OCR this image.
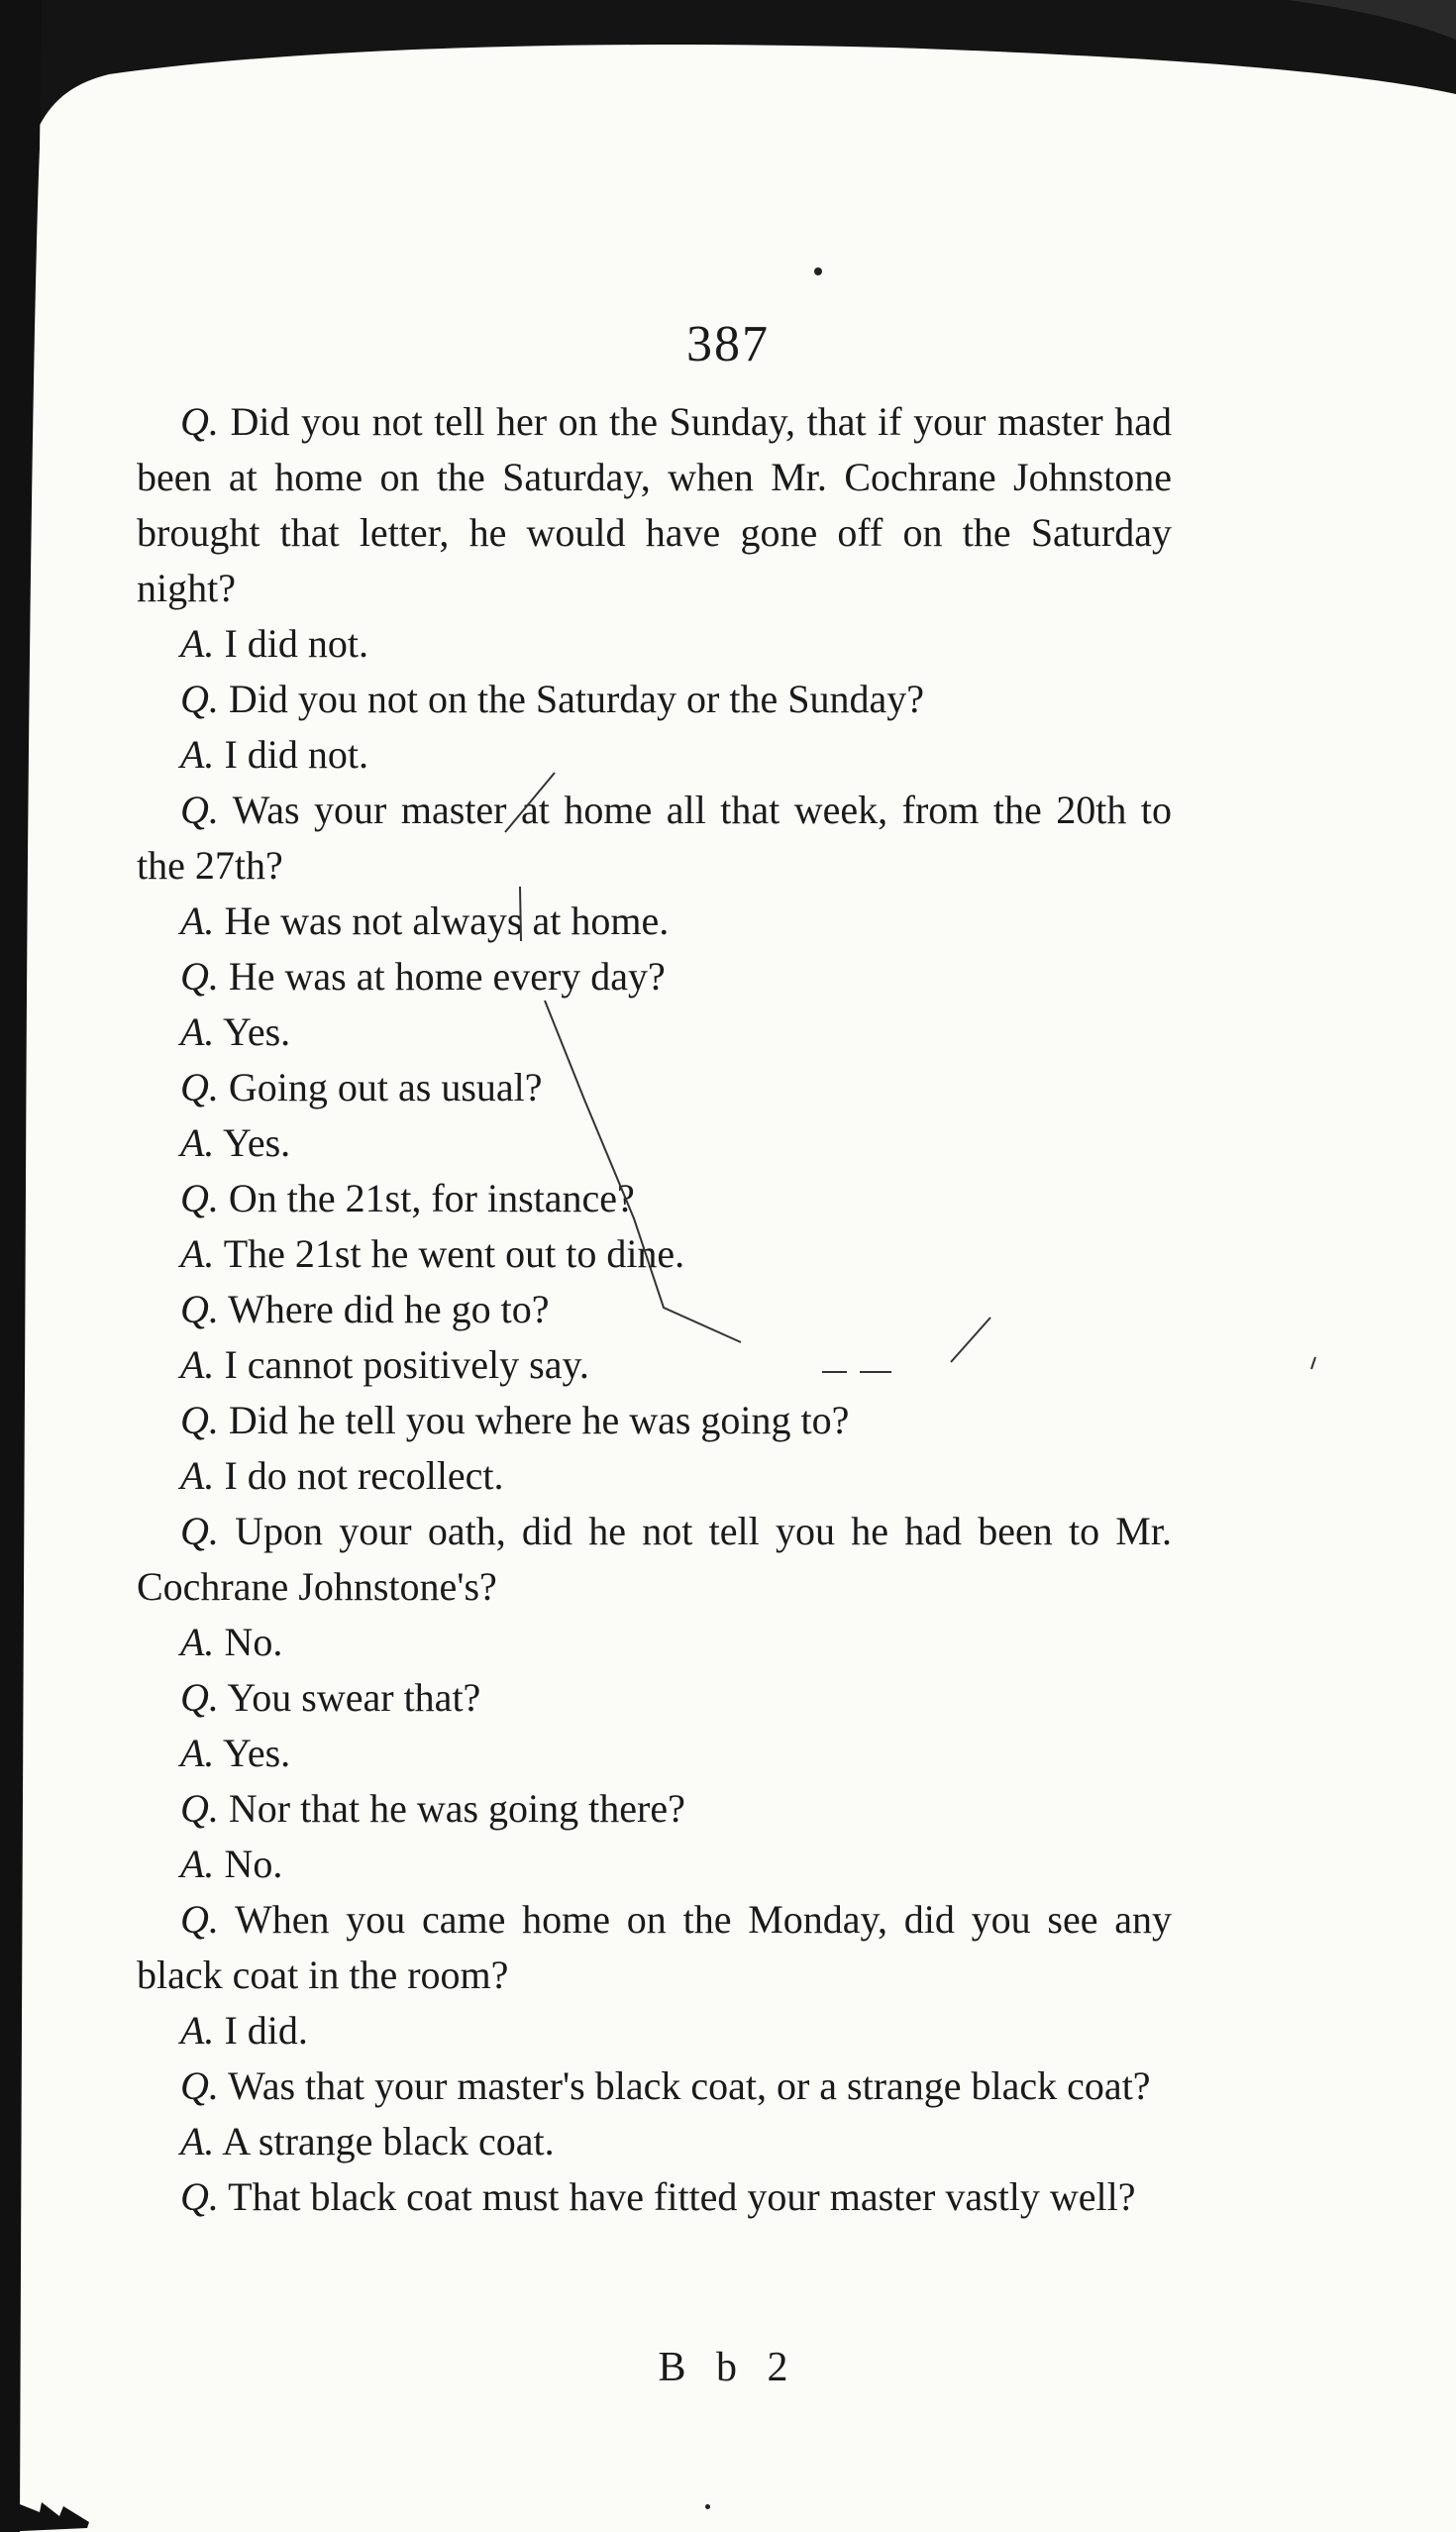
387

Q. Did you not tell her on the Sunday, that if your master had been at home on the Saturday, when Mr. Cochrane Johnstone brought that letter, he would have gone off on the Saturday night?

A. I did not.

Q. Did you not on the Saturday or the Sunday?

A. I did not.

Q. Was your master at home all that week, from the 20th to the 27th?

A. He was not always at home.

Q. He was at home every day?

A. Yes.

Q. Going out as usual?

A. Yes.

Q. On the 21st, for instance?

A. The 21st he went out to dine.

Q. Where did he go to?

A. I cannot positively say.

Q. Did he tell you where he was going to?

A. I do not recollect.

Q. Upon your oath, did he not tell you he had been to Mr. Cochrane Johnstone's?

A. No.

Q. You swear that?

A. Yes.

Q. Nor that he was going there?

A. No.

Q. When you came home on the Monday, did you see any black coat in the room?

A. I did.

Q. Was that your master's black coat, or a strange black coat?

A. A strange black coat.

Q. That black coat must have fitted your master vastly well?

B b 2
